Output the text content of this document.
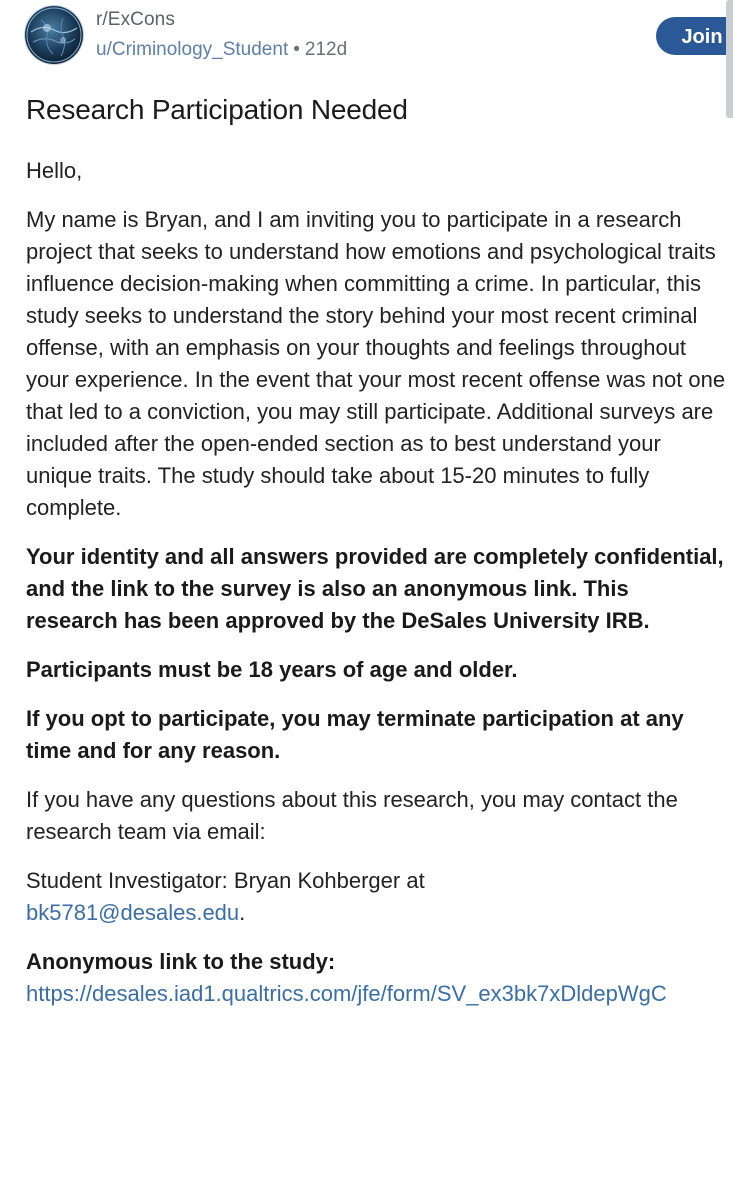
r/ExCons
u/Criminology_Student • 212d
Join
Research Participation Needed

Hello,

My name is Bryan, and I am inviting you to participate in a research project that seeks to understand how emotions and psychological traits influence decision-making when committing a crime. In particular, this study seeks to understand the story behind your most recent criminal offense, with an emphasis on your thoughts and feelings throughout your experience. In the event that your most recent offense was not one that led to a conviction, you may still participate. Additional surveys are included after the open-ended section as to best understand your unique traits. The study should take about 15-20 minutes to fully complete.

Your identity and all answers provided are completely confidential, and the link to the survey is also an anonymous link. This research has been approved by the DeSales University IRB.

Participants must be 18 years of age and older.

If you opt to participate, you may terminate participation at any time and for any reason.

If you have any questions about this research, you may contact the research team via email:

Student Investigator: Bryan Kohberger at
bk5781@desales.edu.

Anonymous link to the study: https://desales.iad1.qualtrics.com/jfe/form/SV_ex3bk7xDldepWgC
